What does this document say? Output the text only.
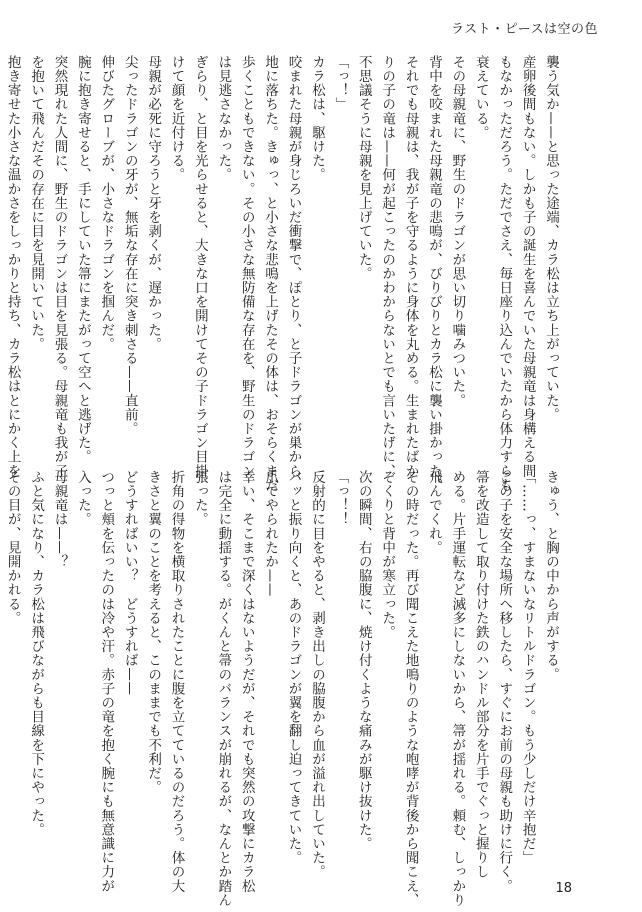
ラスト・ピースは空の色

襲う気か——と思った途端、カラ松は立ち上がっていた。

産卵後間もない。しかも子の誕生を喜んでいた母親竜は身構える間

もなかっただろう。ただでさえ、毎日座り込んでいたから体力すらも

衰えている。

その母親竜に、野生のドラゴンが思い切り噛みついた。

背中を咬まれた母親竜の悲鳴が、びりびりとカラ松に襲い掛かった。

それでも母親は、我が子を守るように身体を丸める。生まれたばか

りの子の竜は——何が起こったのかわからないとでも言いたげに、

不思議そうに母親を見上げていた。

「っ！」

カラ松は、駆けた。

咬まれた母親が身じろいだ衝撃で、ぽとり、と子ドラゴンが巣から

地に落ちた。きゅっ、と小さな悲鳴を上げたその体は、おそらくまだ

歩くこともできない。その小さな無防備な存在を、野生のドラゴン

は見逃さなかった。

ぎらり、と目を光らせると、大きな口を開けてその子ドラゴン目掛

けて顔を近付ける。

母親が必死に守ろうと牙を剥くが、遅かった。

尖ったドラゴンの牙が、無垢な存在に突き刺さる——直前。

伸びたグローブが、小さなドラゴンを掴んだ。

腕に抱き寄せると、手にしていた箒にまたがって空へと逃げた。

突然現れた人間に、野生のドラゴンは目を見張る。母親竜も我が子

を抱いて飛んだその存在に目を見開いていた。

抱き寄せた小さな温かさをしっかりと持ち、カラ松はとにかく上を

きゅう、と胸の中から声がする。

「……っ、すまないなリトルドラゴン。もう少しだけ辛抱だ」

この子を安全な場所へ移したら、すぐにお前の母親も助けに行く。

箒を改造して取り付けた鉄のハンドル部分を片手でぐっと握りし

める。片手運転など滅多にしないから、箒が揺れる。頼む、しっかり

飛んでくれ。

その時だった。再び聞こえた地鳴りのような咆哮が背後から聞こえ、

ぞくりと背中が寒立った。

次の瞬間、右の脇腹に、焼け付くような痛みが駆け抜けた。

「っ！！

反射的に目をやると、剥き出しの脇腹から血が溢れ出していた。

バッと振り向くと、あのドラゴンが翼を翻し迫ってきていた。

爪でやられたか——

幸い、そこまで深くはないようだが、それでも突然の攻撃にカラ松

は完全に動揺する。がくんと箒のバランスが崩れるが、なんとか踏ん

張った。

折角の得物を横取りされたことに腹を立てているのだろう。体の大

きさと翼のことを考えると、このままでも不利だ。

どうすればいい？　どうすれば——

つっと頬を伝ったのは冷や汗。赤子の竜を抱く腕にも無意識に力が

入った。

母親竜は——？

ふと気になり、カラ松は飛びながらも目線を下にやった。

その目が、見開かれる。

18
